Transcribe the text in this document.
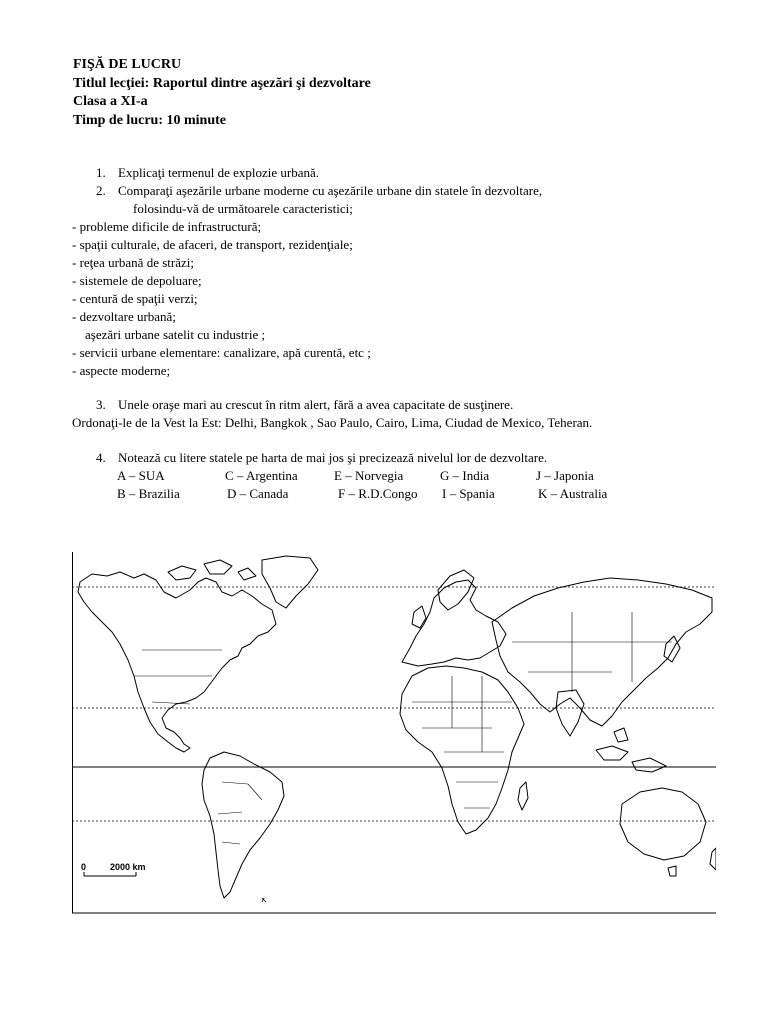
FIŞĂ DE LUCRU
Titlul lecţiei: Raportul dintre aşezări şi dezvoltare
Clasa a XI-a
Timp de lucru: 10 minute
1. Explicaţi termenul de explozie urbană.
2. Comparaţi aşezările urbane moderne cu aşezările urbane din statele în dezvoltare,
folosindu-vă de următoarele caracteristici;
- probleme dificile de infrastructură;
- spaţii culturale, de afaceri, de transport, rezidenţiale;
- reţea urbană de străzi;
- sistemele de depoluare;
- centură de spaţii verzi;
- dezvoltare urbană;
aşezări urbane satelit cu industrie ;
- servicii urbane elementare: canalizare, apă curentă, etc ;
- aspecte moderne;
3. Unele oraşe mari au crescut în ritm alert, fără a avea capacitate de susţinere.
Ordonaţi-le de la Vest la Est: Delhi, Bangkok , Sao Paulo, Cairo, Lima, Ciudad de Mexico, Teheran.
4. Notează cu litere statele pe harta de mai jos şi precizează nivelul lor de dezvoltare.
A – SUA	C – Argentina	E – Norvegia	G – India	J – Japonia
B – Brazilia	D – Canada	F – R.D.Congo I – Spania	K – Australia
0	2000 km
